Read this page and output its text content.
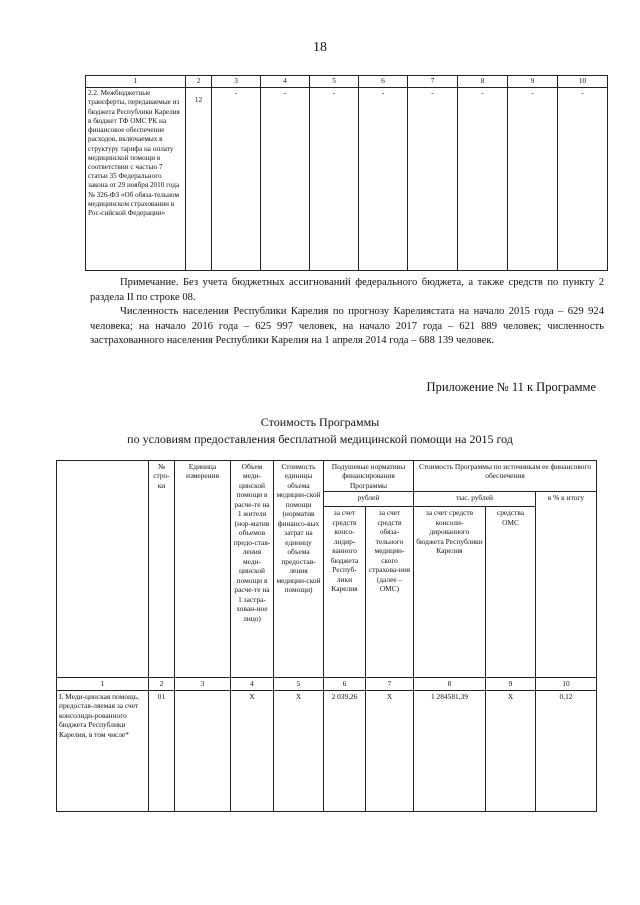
18
1	2	3	4	5	6	7	8	9	10
2.2. Межбюджетные трансферты, передаваемые из бюджета Республики Карелия в бюджет ТФ ОМС РК на финансовое обеспечение расходов, включаемых в структуру тарифа на оплату медицинской помощи в соответствии с частью 7 статьи 35 Федерального закона от 29 ноября 2010 года № 326-ФЗ «Об обяза-тельном медицинском страховании в Рос-сийской Федерации»	12	-	-	-	-	-	-	-	-

Примечание. Без учета бюджетных ассигнований федерального бюджета, а также средств по пункту 2 раздела II по строке 08.

Численность населения Республики Карелия по прогнозу Карелиястата на начало 2015 года – 629 924 человека; на начало 2016 года – 625 997 человек, на начало 2017 года – 621 889 человек; численность застрахованного населения Республики Карелия на 1 апреля 2014 года – 688 139 человек.

Приложение № 11 к Программе
Стоимость Программы
по условиям предоставления бесплатной медицинской помощи на 2015 год
	№ стро-ки	Единица измерения	Объем меди-цинской помощи в расче-те на 1 жителя (нор-матив объемов предо-став-ления меди-цинской помощи в расче-те на 1 застра-хован-ное лицо)	Стоимость единицы объема медицин-ской помощи (норматив финансо-вых затрат на единицу объема предостав-ления медицин-ской помощи)	Подушевые нормативы финансирования Программы		Стоимость Программы по источникам ее финансового обеспечения		
					рублей		тыс. рублей		в % к итогу
					за счет средств консо-лидир-ванного бюджета Респуб-лики Карелия	за счет средств обяза-тельного медицин-ского страхова-ния (далее – ОМС)	за счет средств консоли-дированного бюджета Республики Карелия	средства ОМС	
1	2	3	4	5	6	7	8	9	10
I. Меди-цинская помощь, предостав-ляемая за счет консолиди-рованного бюджета Республики Карелия, в том числе*	01		Х	Х	2 039,26	Х	1 284581,39	Х	0,12
